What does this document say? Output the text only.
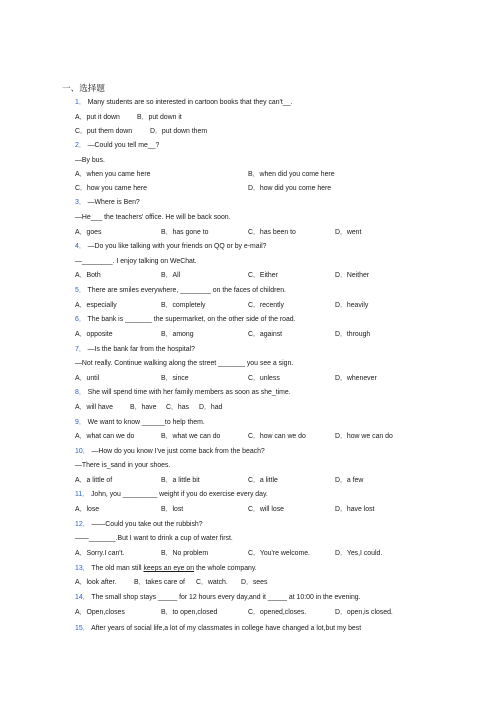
一、选择题
1． Many students are so interested in cartoon books that they can't__.
A．put it down B．put down it
C．put them down	D．put down them
2． —Could you tell me__?
—By bus.
A．when you came here	B．when did you come here
C．how you came here	D．how did you come here
3． —Where is Ben?
—He___ the teachers' office. He will be back soon.
A．goes	B．has gone to	C．has been to	D．went
4． —Do you like talking with your friends on QQ or by e-mail?
—________. I enjoy talking on WeChat.
A．Both	B．All	C．Either	D．Neither
5． There are smiles everywhere, ________ on the faces of children.
A．especially	B．completely	C．recently	D．heavily
6． The bank is _______ the supermarket, on the other side of the road.
A．opposite	B．among	C．against	D．through
7． —Is the bank far from the hospital?
—Not really. Continue walking along the street _______ you see a sign.
A．until	B．since	C．unless	D．whenever
8． She will spend time with her family members as soon as she_time.
A．will have B．have C．has D．had
9． We want to know ______to help them.
A．what can we do	B．what we can do	C．how can we do	D．how we can do
10． —How do you know I've just come back from the beach?
—There is_sand in your shoes.
A．a little of	B．a little bit	C．a little	D．a few
11． John, you _________ weight if you do exercise every day.
A．lose	B．lost	C．will lose	D．have lost
12． ——Could you take out the rubbish?
——_______.But I want to drink a cup of water first.
A．Sorry.I can't.	B．No problem	C．You're welcome.	D．Yes,I could.
13． The old man still keeps an eye on the whole company.
A．look after.	B．takes care of C．watch. D．sees
14． The small shop stays _____ for 12 hours every day,and it _____ at 10:00 in the evening.
A．Open,closes	B．to open,closed	C．opened,closes.	D．open,is closed.
15． After years of social life,a lot of my classmates in college have changed a lot,but my best
